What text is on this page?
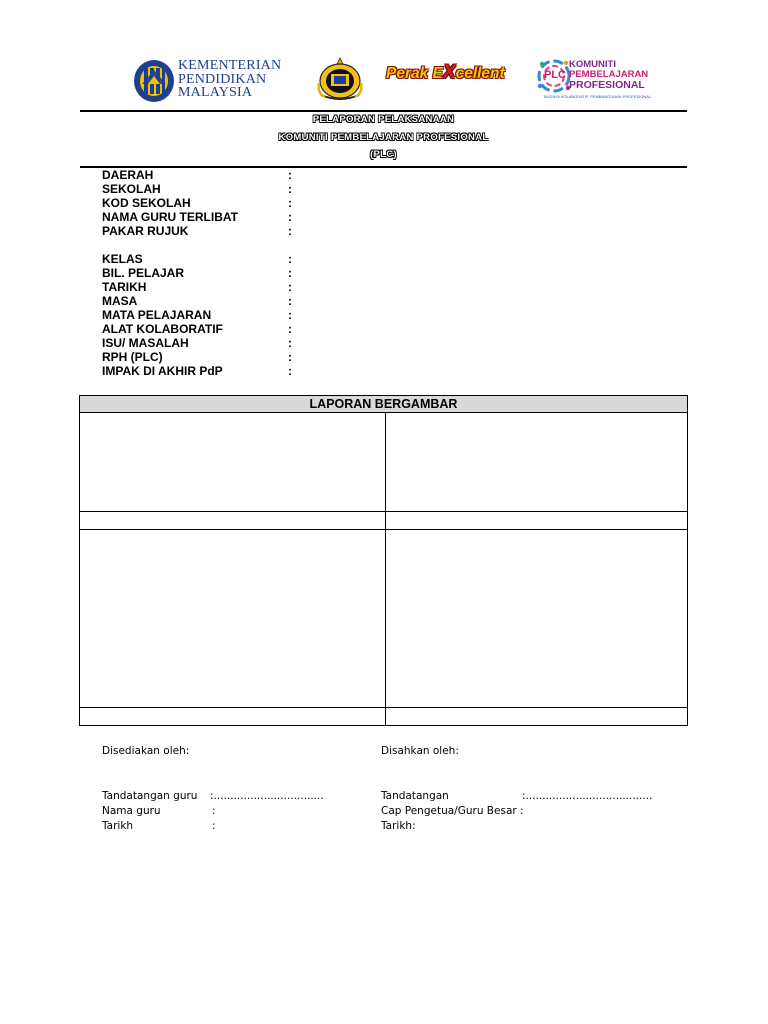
KEMENTERIAN
PENDIDIKAN
MALAYSIA
Perak EXcellent	PLC
KOMUNITI
PEMBELAJARAN
PROFESIONAL
BUDAYA KOLABORATIF, PEMBANGUNAN PROFESIONAL
PELAPORAN PELAKSANAAN
KOMUNITI PEMBELAJARAN PROFESIONAL
(PLC)
DAERAH	:
SEKOLAH	:
KOD SEKOLAH	:
NAMA GURU TERLIBAT	:
PAKAR RUJUK	:
KELAS	:
BIL. PELAJAR	:
TARIKH	:
MASA	:
MATA PELAJARAN	:
ALAT KOLABORATIF	:
ISU/ MASALAH	:
RPH (PLC)	:
IMPAK DI AKHIR PdP	:
LAPORAN BERGAMBAR
Disediakan oleh:
Tandatangan guru :.................................
Nama guru	:
Tarikh	:
Disahkan oleh:
Tandatangan	:......................................
Cap Pengetua/Guru Besar :
Tarikh:
